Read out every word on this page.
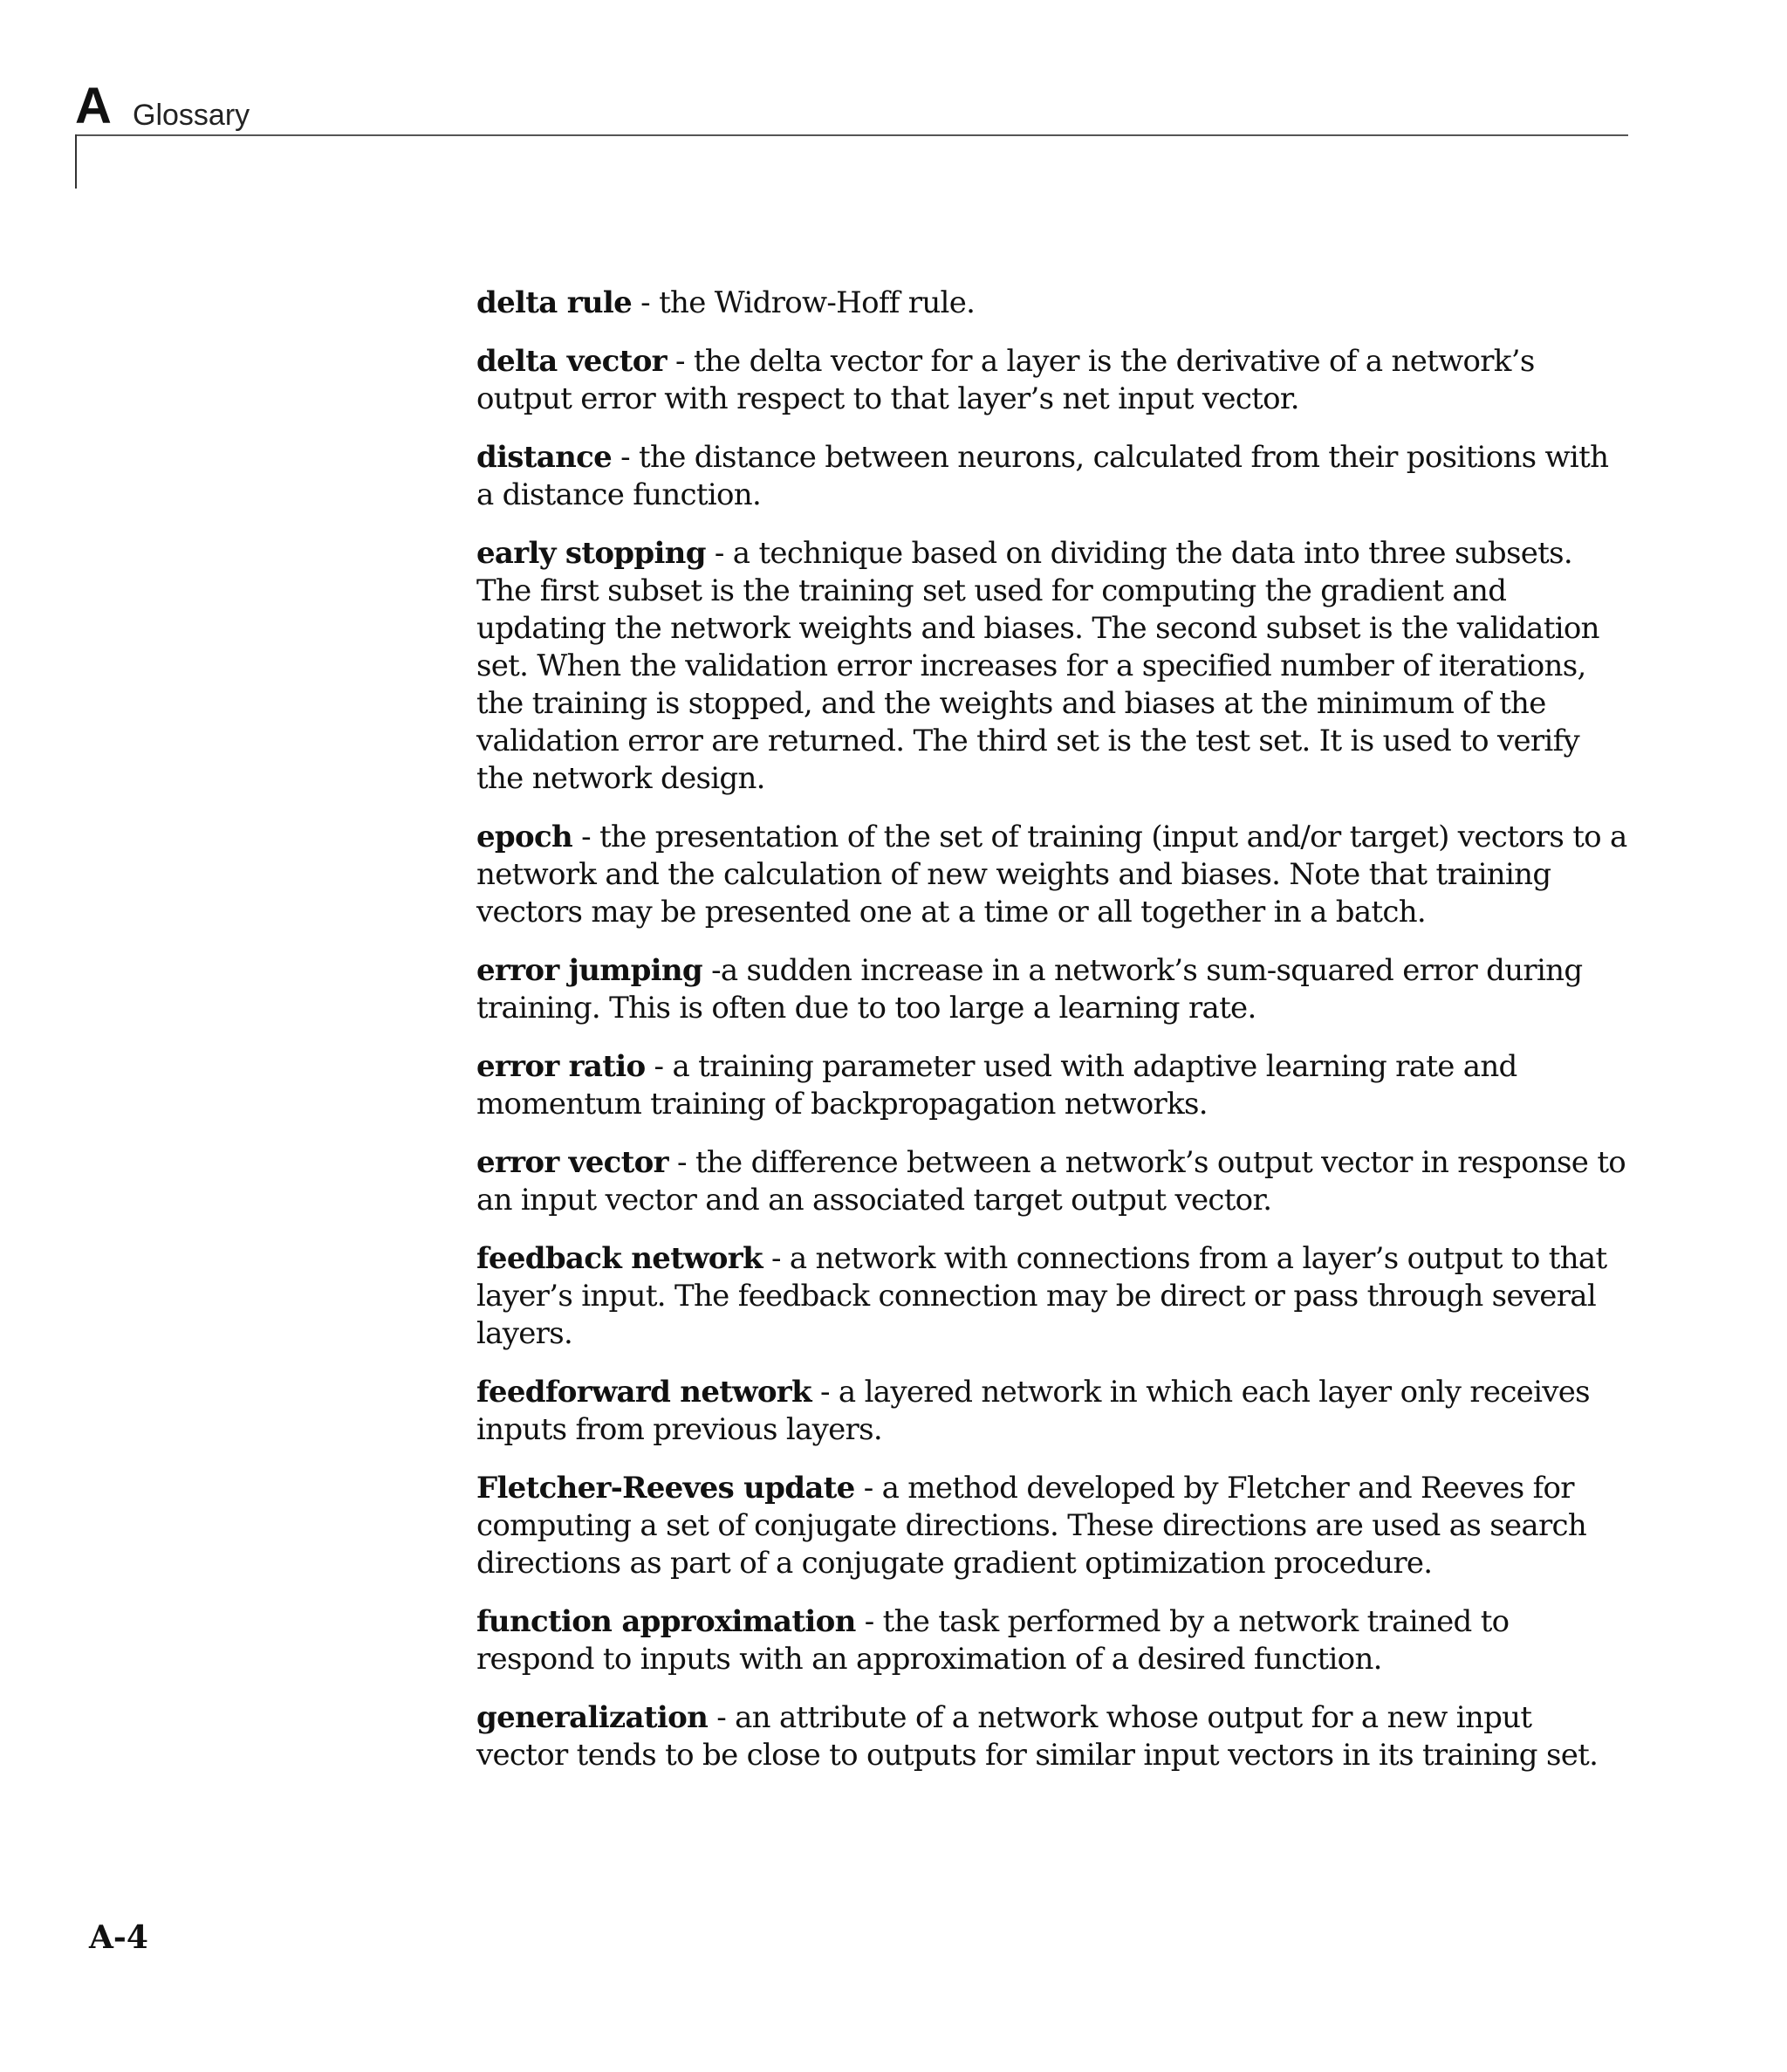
A Glossary

delta rule - the Widrow-Hoff rule.

delta vector - the delta vector for a layer is the derivative of a network’s output error with respect to that layer’s net input vector.

distance - the distance between neurons, calculated from their positions with a distance function.

early stopping - a technique based on dividing the data into three subsets. The first subset is the training set used for computing the gradient and updating the network weights and biases. The second subset is the validation set. When the validation error increases for a specified number of iterations, the training is stopped, and the weights and biases at the minimum of the validation error are returned. The third set is the test set. It is used to verify the network design.

epoch - the presentation of the set of training (input and/or target) vectors to a network and the calculation of new weights and biases. Note that training vectors may be presented one at a time or all together in a batch.

error jumping -a sudden increase in a network’s sum-squared error during training. This is often due to too large a learning rate.

error ratio - a training parameter used with adaptive learning rate and momentum training of backpropagation networks.

error vector - the difference between a network’s output vector in response to an input vector and an associated target output vector.

feedback network - a network with connections from a layer’s output to that layer’s input. The feedback connection may be direct or pass through several layers.

feedforward network - a layered network in which each layer only receives inputs from previous layers.

Fletcher-Reeves update - a method developed by Fletcher and Reeves for computing a set of conjugate directions. These directions are used as search directions as part of a conjugate gradient optimization procedure.

function approximation - the task performed by a network trained to respond to inputs with an approximation of a desired function.

generalization - an attribute of a network whose output for a new input vector tends to be close to outputs for similar input vectors in its training set.

A-4
